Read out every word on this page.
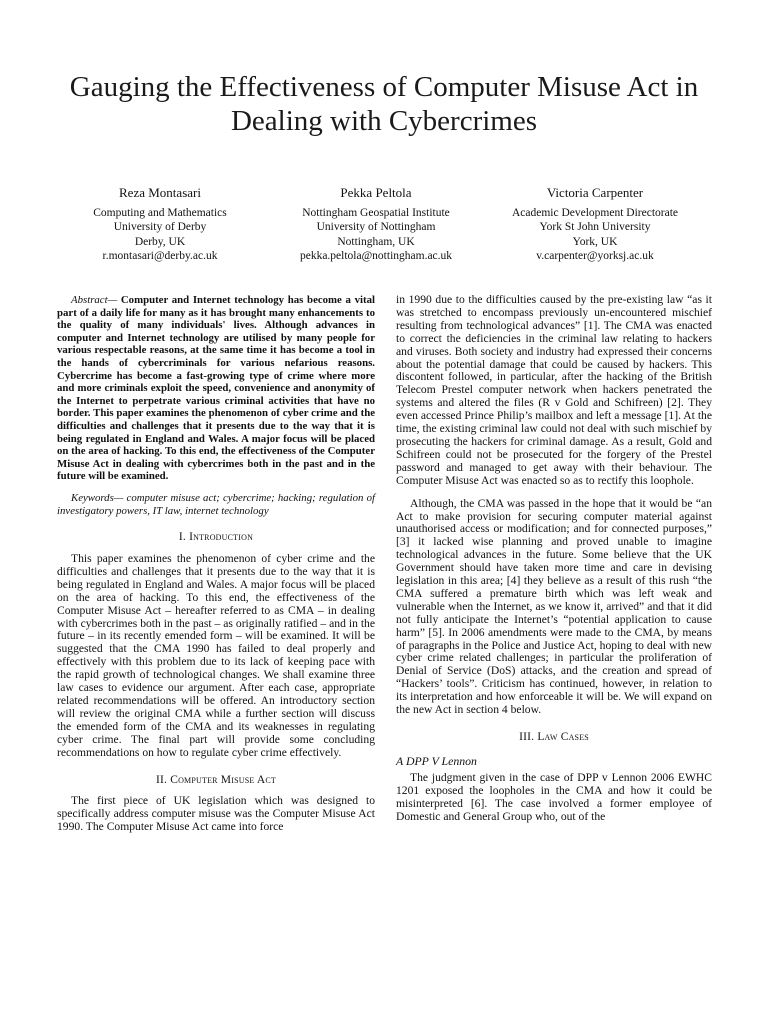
Gauging the Effectiveness of Computer Misuse Act in Dealing with Cybercrimes
Reza Montasari
Computing and Mathematics
University of Derby
Derby, UK
r.montasari@derby.ac.uk
Pekka Peltola
Nottingham Geospatial Institute
University of Nottingham
Nottingham, UK
pekka.peltola@nottingham.ac.uk
Victoria Carpenter
Academic Development Directorate
York St John University
York, UK
v.carpenter@yorksj.ac.uk

Abstract— Computer and Internet technology has become a vital part of a daily life for many as it has brought many enhancements to the quality of many individuals' lives. Although advances in computer and Internet technology are utilised by many people for various respectable reasons, at the same time it has become a tool in the hands of cybercriminals for various nefarious reasons. Cybercrime has become a fast-growing type of crime where more and more criminals exploit the speed, convenience and anonymity of the Internet to perpetrate various criminal activities that have no border. This paper examines the phenomenon of cyber crime and the difficulties and challenges that it presents due to the way that it is being regulated in England and Wales. A major focus will be placed on the area of hacking. To this end, the effectiveness of the Computer Misuse Act in dealing with cybercrimes both in the past and in the future will be examined.

Keywords— computer misuse act; cybercrime; hacking; regulation of investigatory powers, IT law, internet technology

I. Introduction

This paper examines the phenomenon of cyber crime and the difficulties and challenges that it presents due to the way that it is being regulated in England and Wales. A major focus will be placed on the area of hacking. To this end, the effectiveness of the Computer Misuse Act – hereafter referred to as CMA – in dealing with cybercrimes both in the past – as originally ratified – and in the future – in its recently emended form – will be examined. It will be suggested that the CMA 1990 has failed to deal properly and effectively with this problem due to its lack of keeping pace with the rapid growth of technological changes. We shall examine three law cases to evidence our argument. After each case, appropriate related recommendations will be offered. An introductory section will review the original CMA while a further section will discuss the emended form of the CMA and its weaknesses in regulating cyber crime. The final part will provide some concluding recommendations on how to regulate cyber crime effectively.

II. Computer Misuse Act

The first piece of UK legislation which was designed to specifically address computer misuse was the Computer Misuse Act 1990. The Computer Misuse Act came into force

in 1990 due to the difficulties caused by the pre-existing law “as it was stretched to encompass previously un-encountered mischief resulting from technological advances” [1]. The CMA was enacted to correct the deficiencies in the criminal law relating to hackers and viruses. Both society and industry had expressed their concerns about the potential damage that could be caused by hackers. This discontent followed, in particular, after the hacking of the British Telecom Prestel computer network when hackers penetrated the systems and altered the files (R v Gold and Schifreen) [2]. They even accessed Prince Philip’s mailbox and left a message [1]. At the time, the existing criminal law could not deal with such mischief by prosecuting the hackers for criminal damage. As a result, Gold and Schifreen could not be prosecuted for the forgery of the Prestel password and managed to get away with their behaviour. The Computer Misuse Act was enacted so as to rectify this loophole.

Although, the CMA was passed in the hope that it would be “an Act to make provision for securing computer material against unauthorised access or modification; and for connected purposes,” [3] it lacked wise planning and proved unable to imagine technological advances in the future. Some believe that the UK Government should have taken more time and care in devising legislation in this area; [4] they believe as a result of this rush “the CMA suffered a premature birth which was left weak and vulnerable when the Internet, as we know it, arrived” and that it did not fully anticipate the Internet’s “potential application to cause harm” [5]. In 2006 amendments were made to the CMA, by means of paragraphs in the Police and Justice Act, hoping to deal with new cyber crime related challenges; in particular the proliferation of Denial of Service (DoS) attacks, and the creation and spread of “Hackers’ tools”. Criticism has continued, however, in relation to its interpretation and how enforceable it will be. We will expand on the new Act in section 4 below.

III. Law Cases
A DPP V Lennon

The judgment given in the case of DPP v Lennon 2006 EWHC 1201 exposed the loopholes in the CMA and how it could be misinterpreted [6]. The case involved a former employee of Domestic and General Group who, out of the
